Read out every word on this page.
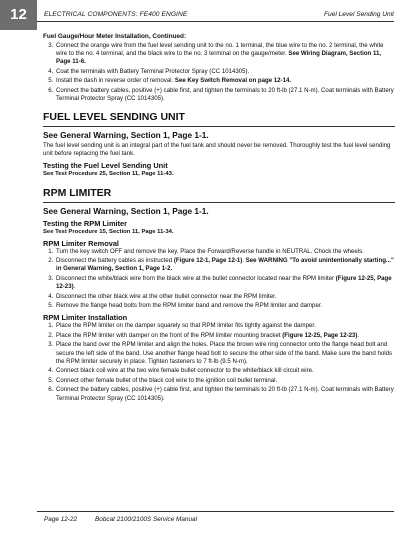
12	ELECTRICAL COMPONENTS: FE400 ENGINE	Fuel Level Sending Unit
Fuel Gauge/Hour Meter Installation, Continued:
3. Connect the orange wire from the fuel level sending unit to the no. 1 terminal, the blue wire to the no. 2 terminal, the white wire to the no. 4 terminal, and the black wire to the no. 3 terminal on the gauge/meter. See Wiring Diagram, Section 11, Page 11-6.
4. Coat the terminals with Battery Terminal Protector Spray (CC 1014305).
5. Install the dash in reverse order of removal. See Key Switch Removal on page 12-14.
6. Connect the battery cables, positive (+) cable first, and tighten the terminals to 20 ft-lb (27.1 N-m). Coat terminals with Battery Terminal Protector Spray (CC 1014305).
FUEL LEVEL SENDING UNIT
See General Warning, Section 1, Page 1-1.

The fuel level sending unit is an integral part of the fuel tank and should never be removed. Thoroughly test the fuel level sending unit before replacing the fuel tank.

Testing the Fuel Level Sending Unit
See Test Procedure 25, Section 11, Page 11-43.
RPM LIMITER
See General Warning, Section 1, Page 1-1.
Testing the RPM Limiter
See Test Procedure 15, Section 11, Page 11-34.
RPM Limiter Removal
1. Turn the key switch OFF and remove the key. Place the Forward/Reverse handle in NEUTRAL. Chock the wheels.
2. Disconnect the battery cables as instructed (Figure 12-1, Page 12-1). See WARNING "To avoid unintentionally starting..." in General Warning, Section 1, Page 1-2.
3. Disconnect the white/black wire from the black wire at the bullet connector located near the RPM limiter (Figure 12-25, Page 12-23).
4. Disconnect the other black wire at the other bullet connector near the RPM limiter.
5. Remove the flange head bolts from the RPM limiter band and remove the RPM limiter and damper.
RPM Limiter Installation
1. Place the RPM limiter on the damper squarely so that RPM limiter fits tightly against the damper.
2. Place the RPM limiter with damper on the front of the RPM limiter mounting bracket (Figure 12-25, Page 12-23).
3. Place the band over the RPM limiter and align the holes. Place the brown wire ring connector onto the flange head bolt and secure the left side of the band. Use another flange head bolt to secure the other side of the band. Make sure the band holds the RPM limiter securely in place. Tighten fasteners to 7 ft-lb (9.5 N-m).
4. Connect black coil wire at the two wire female bullet connector to the white/black kill circuit wire.
5. Connect other female bullet of the black coil wire to the ignition coil bullet terminal.
6. Connect the battery cables, positive (+) cable first, and tighten the terminals to 20 ft-lb (27.1 N-m). Coat terminals with Battery Terminal Protector Spray (CC 1014305).
Page 12-22	Bobcat 2100/2100S Service Manual
